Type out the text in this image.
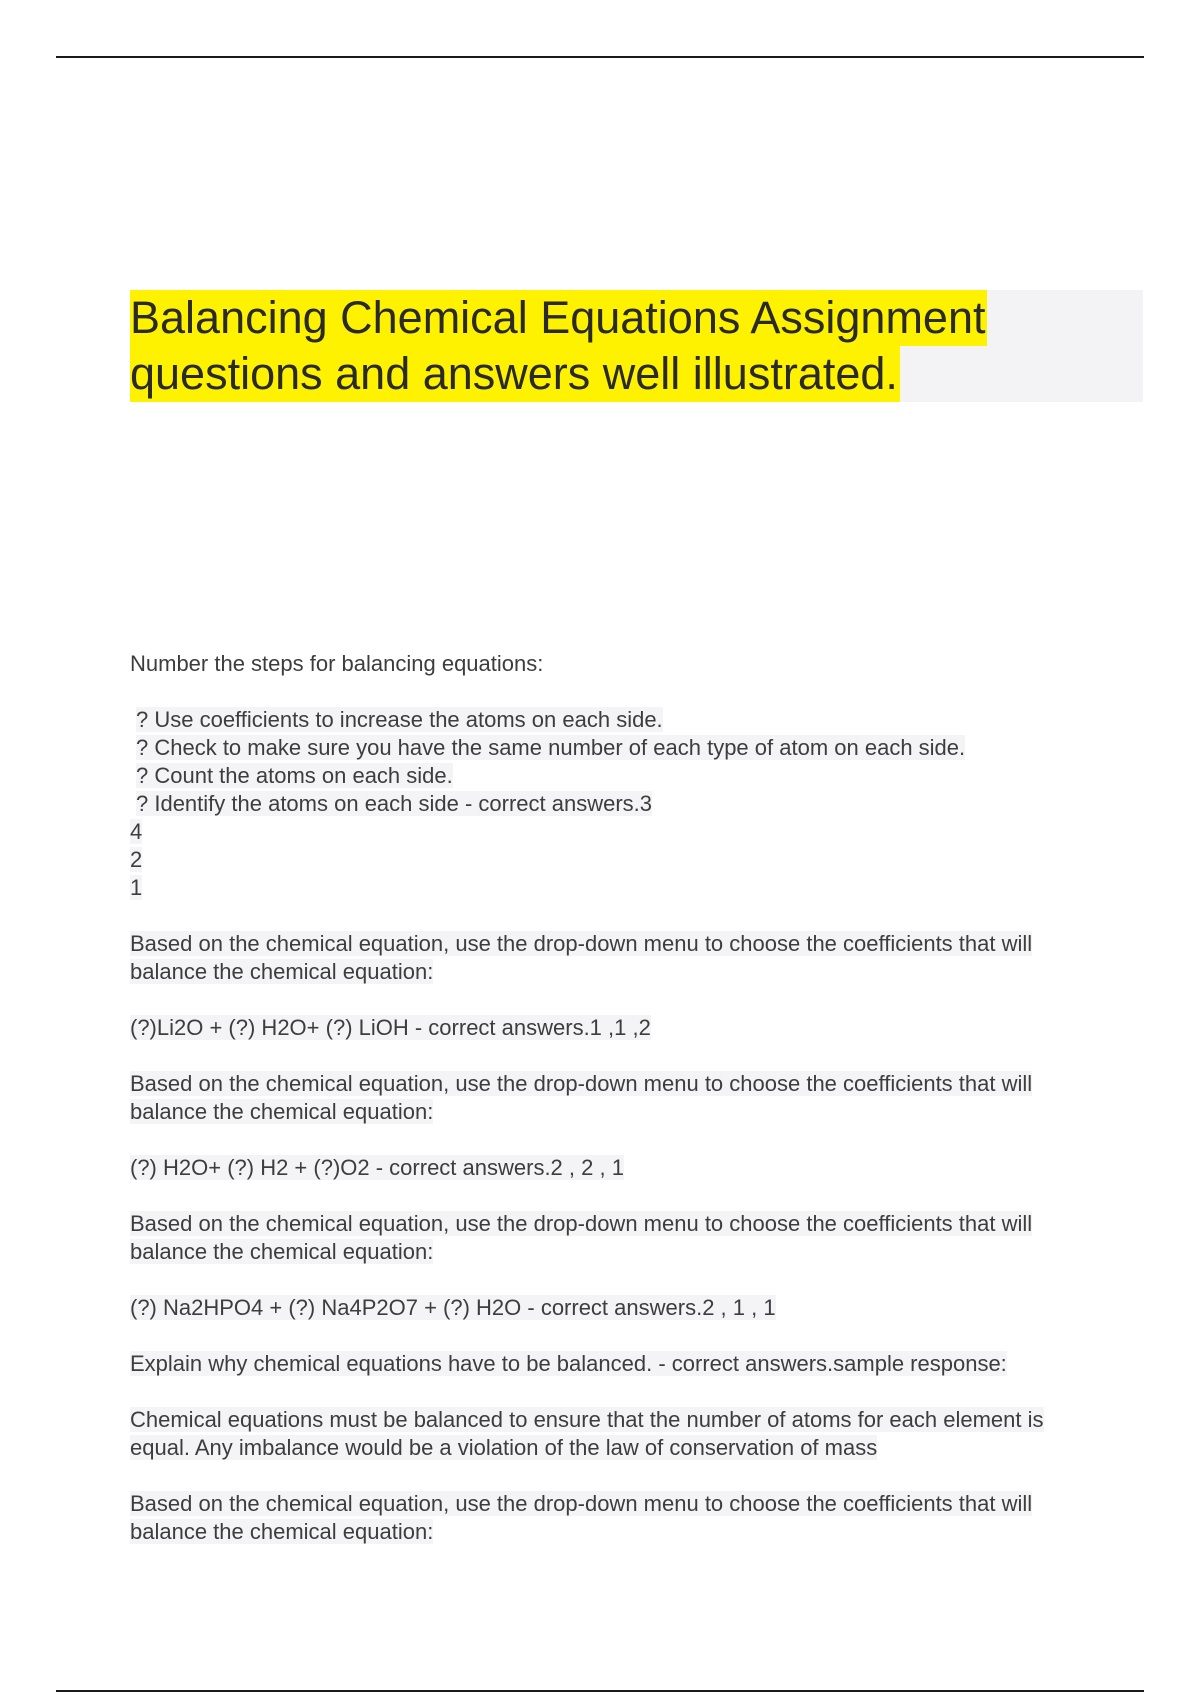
Balancing Chemical Equations Assignment
questions and answers well illustrated.

Number the steps for balancing equations:

? Use coefficients to increase the atoms on each side.
? Check to make sure you have the same number of each type of atom on each side.
? Count the atoms on each side.
? Identify the atoms on each side - correct answers.3
4
2
1

Based on the chemical equation, use the drop-down menu to choose the coefficients that will
balance the chemical equation:

(?)Li2O + (?) H2O+ (?) LiOH - correct answers.1 ,1 ,2

Based on the chemical equation, use the drop-down menu to choose the coefficients that will
balance the chemical equation:

(?) H2O+ (?) H2 + (?)O2 - correct answers.2 , 2 , 1

Based on the chemical equation, use the drop-down menu to choose the coefficients that will
balance the chemical equation:

(?) Na2HPO4 + (?) Na4P2O7 + (?) H2O - correct answers.2 , 1 , 1

Explain why chemical equations have to be balanced. - correct answers.sample response:

Chemical equations must be balanced to ensure that the number of atoms for each element is
equal. Any imbalance would be a violation of the law of conservation of mass

Based on the chemical equation, use the drop-down menu to choose the coefficients that will
balance the chemical equation:
